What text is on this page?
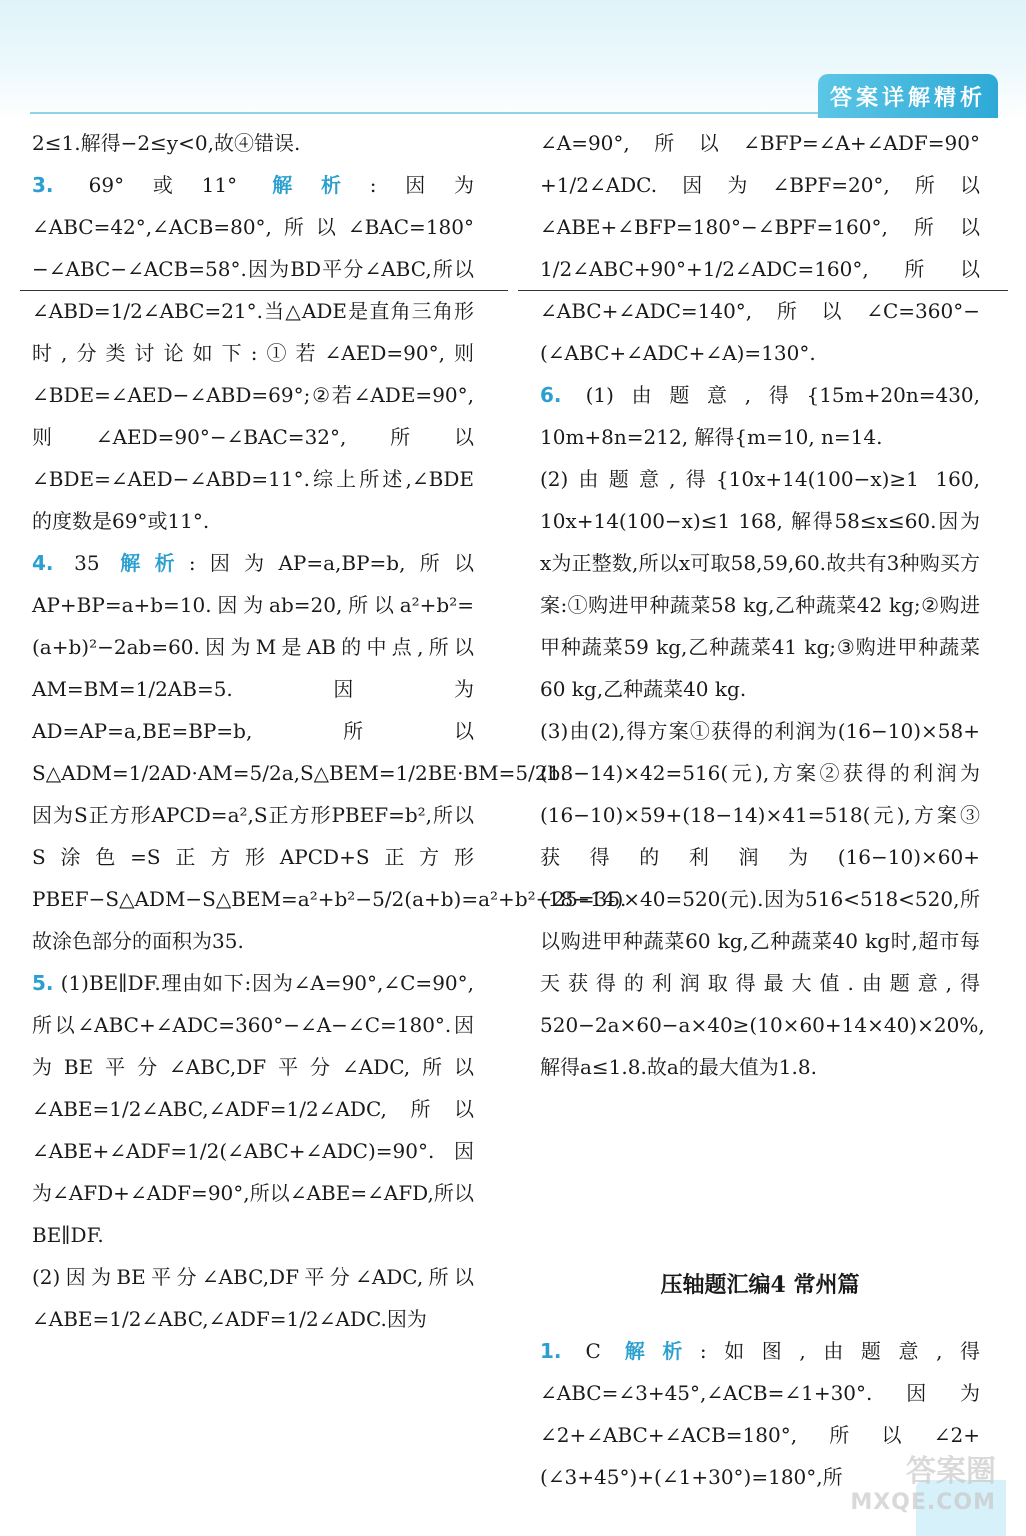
答案详解精析

2≤1.解得−2≤y<0,故④错误.

3. 69°或11° 解析:因为∠ABC=42°,∠ACB=80°,所以∠BAC=180°−∠ABC−∠ACB=58°.因为BD平分∠ABC,所以∠ABD=1/2∠ABC=21°.当△ADE是直角三角形时,分类讨论如下:①若∠AED=90°,则∠BDE=∠AED−∠ABD=69°;②若∠ADE=90°,则∠AED=90°−∠BAC=32°,所以∠BDE=∠AED−∠ABD=11°.综上所述,∠BDE的度数是69°或11°.

4. 35 解析:因为AP=a,BP=b,所以AP+BP=a+b=10.因为ab=20,所以a²+b²=(a+b)²−2ab=60.因为M是AB的中点,所以AM=BM=1/2AB=5.因为AD=AP=a,BE=BP=b,所以S△ADM=1/2AD·AM=5/2a,S△BEM=1/2BE·BM=5/2b.因为S正方形APCD=a²,S正方形PBEF=b²,所以S涂色=S正方形APCD+S正方形PBEF−S△ADM−S△BEM=a²+b²−5/2(a+b)=a²+b²−25=35.故涂色部分的面积为35.

5. (1)BE∥DF.理由如下:因为∠A=90°,∠C=90°,所以∠ABC+∠ADC=360°−∠A−∠C=180°.因为BE平分∠ABC,DF平分∠ADC,所以∠ABE=1/2∠ABC,∠ADF=1/2∠ADC,所以∠ABE+∠ADF=1/2(∠ABC+∠ADC)=90°.因为∠AFD+∠ADF=90°,所以∠ABE=∠AFD,所以BE∥DF.

(2)因为BE平分∠ABC,DF平分∠ADC,所以∠ABE=1/2∠ABC,∠ADF=1/2∠ADC.因为

∠A=90°,所以∠BFP=∠A+∠ADF=90°+1/2∠ADC.因为∠BPF=20°,所以∠ABE+∠BFP=180°−∠BPF=160°,所以1/2∠ABC+90°+1/2∠ADC=160°,所以∠ABC+∠ADC=140°,所以∠C=360°−(∠ABC+∠ADC+∠A)=130°.

6. (1)由题意,得{15m+20n=430, 10m+8n=212, 解得{m=10, n=14.

(2)由题意,得{10x+14(100−x)≥1 160, 10x+14(100−x)≤1 168, 解得58≤x≤60.因为x为正整数,所以x可取58,59,60.故共有3种购买方案:①购进甲种蔬菜58 kg,乙种蔬菜42 kg;②购进甲种蔬菜59 kg,乙种蔬菜41 kg;③购进甲种蔬菜60 kg,乙种蔬菜40 kg.

(3)由(2),得方案①获得的利润为(16−10)×58+(18−14)×42=516(元),方案②获得的利润为(16−10)×59+(18−14)×41=518(元),方案③获得的利润为(16−10)×60+(18−14)×40=520(元).因为516<518<520,所以购进甲种蔬菜60 kg,乙种蔬菜40 kg时,超市每天获得的利润取得最大值.由题意,得520−2a×60−a×40≥(10×60+14×40)×20%,解得a≤1.8.故a的最大值为1.8.

压轴题汇编4 常州篇

1. C 解析:如图,由题意,得∠ABC=∠3+45°,∠ACB=∠1+30°.因为∠2+∠ABC+∠ACB=180°,所以∠2+(∠3+45°)+(∠1+30°)=180°,所	答案圈
MXQE.COM
